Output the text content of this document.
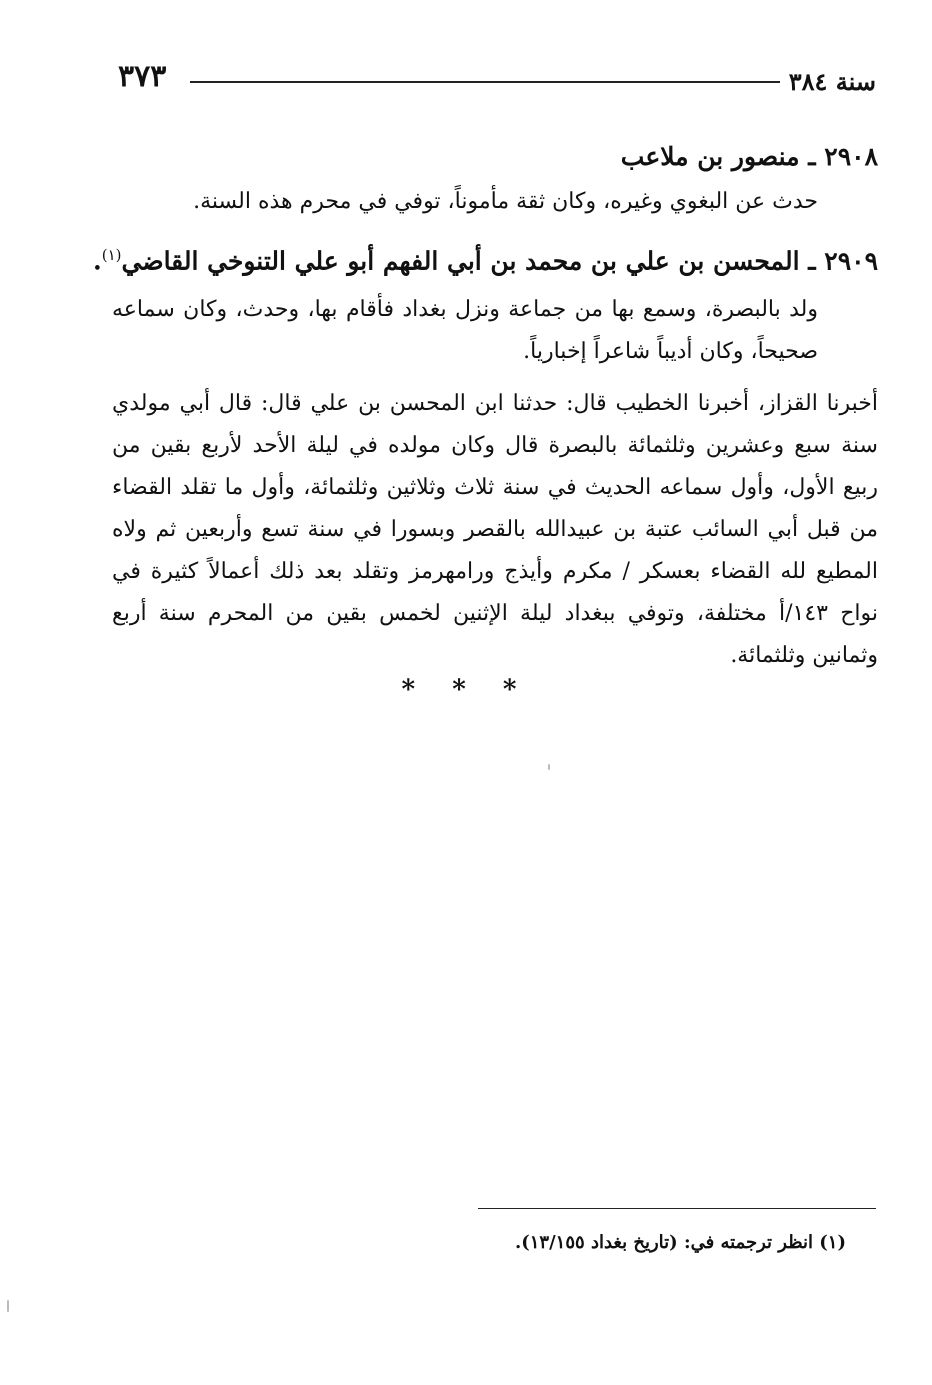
سنة ٣٨٤
٣٧٣

٢٩٠٨ ـ منصور بن ملاعب

حدث عن البغوي وغيره، وكان ثقة مأموناً، توفي في محرم هذه السنة.

٢٩٠٩ ـ المحسن بن علي بن محمد بن أبي الفهم أبو علي التنوخي القاضي$^{(١)}$.

ولد بالبصرة، وسمع بها من جماعة ونزل بغداد فأقام بها، وحدث، وكان سماعه صحيحاً، وكان أديباً شاعراً إخبارياً.

أخبرنا القزاز، أخبرنا الخطيب قال: حدثنا ابن المحسن بن علي قال: قال أبي مولدي سنة سبع وعشرين وثلثمائة بالبصرة قال وكان مولده في ليلة الأحد لأربع بقين من ربيع الأول، وأول سماعه الحديث في سنة ثلاث وثلاثين وثلثمائة، وأول ما تقلد القضاء من قبل أبي السائب عتبة بن عبيدالله بالقصر وبسورا في سنة تسع وأربعين ثم ولاه المطيع لله القضاء بعسكر / مكرم وأيذج ورامهرمز وتقلد بعد ذلك أعمالاً كثيرة في نواح ١٤٣/أ مختلفة، وتوفي ببغداد ليلة الإثنين لخمس بقين من المحرم سنة أربع وثمانين وثلثمائة.

* * *
(١) انظر ترجمته في: (تاريخ بغداد ١٣/١٥٥).
